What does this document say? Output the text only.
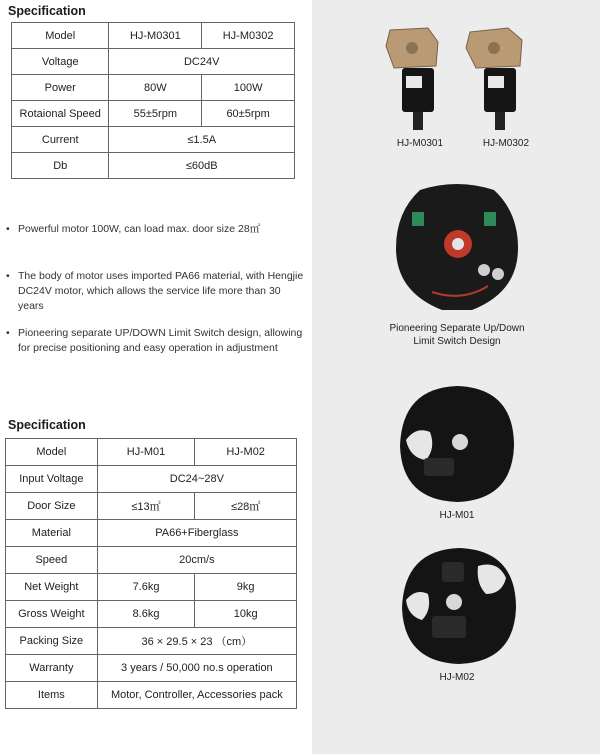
Specification
Model	HJ-M0301	HJ-M0302
Voltage	DC24V	
Power	80W	100W
Rotaional Speed	55±5rpm	60±5rpm
Current	≤1.5A	
Db	≤60dB	
• Powerful motor 100W, can load max. door size 28㎡
• The body of motor uses imported PA66 material, with Hengjie DC24V motor, which allows the service life more than 30 years
• Pioneering separate UP/DOWN Limit Switch design, allowing for precise positioning and easy operation in adjustment
Specification
Model	HJ-M01	HJ-M02
Input Voltage	DC24~28V	
Door Size	≤13㎡	≤28㎡
Material	PA66+Fiberglass	
Speed	20cm/s	
Net Weight	7.6kg	9kg
Gross Weight	8.6kg	10kg
Packing Size	36 × 29.5 × 23 （cm）	
Warranty	3 years / 50,000 no.s operation	
Items	Motor, Controller, Accessories pack	
HJ-M0301	HJ-M0302
Pioneering Separate Up/Down
Limit Switch Design
HJ-M01
HJ-M02
